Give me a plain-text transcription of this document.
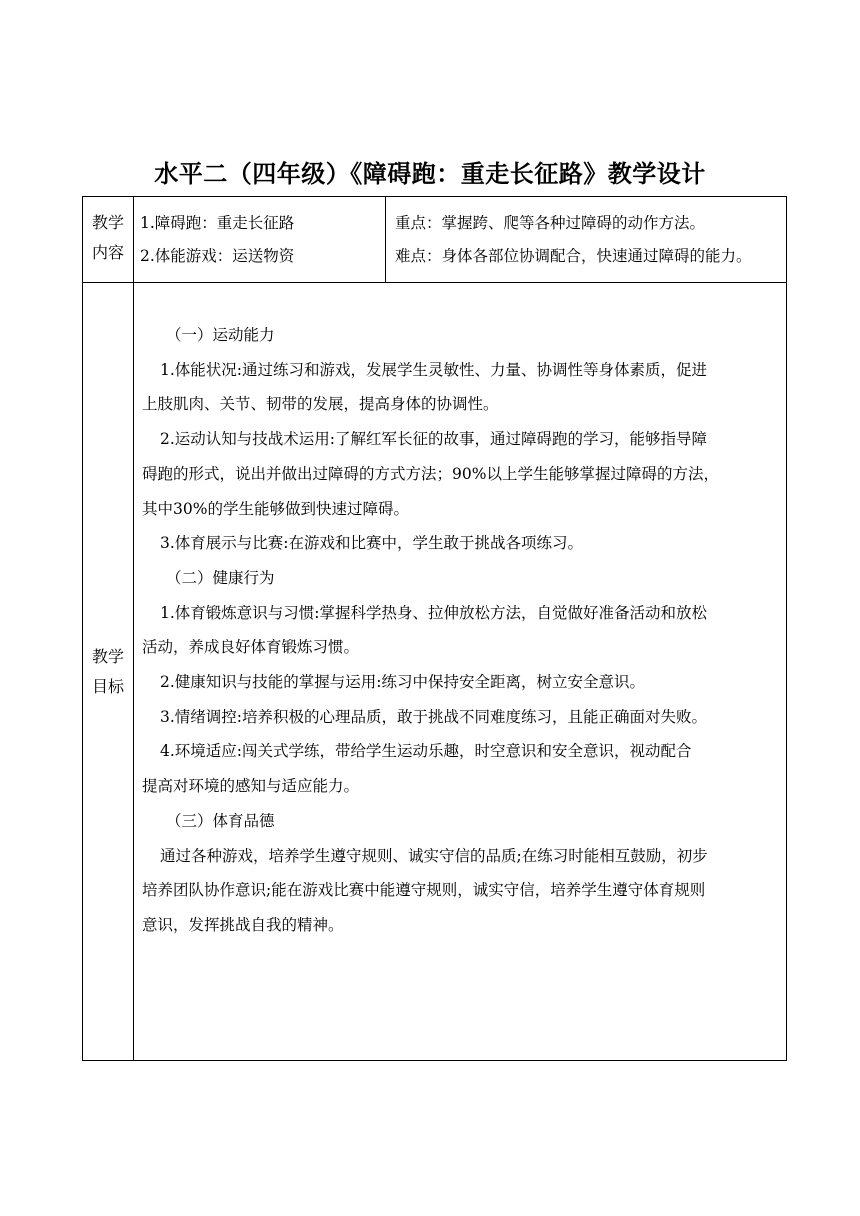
水平二（四年级）《障碍跑：重走长征路》教学设计
教学
内容
1.障碍跑：重走长征路
2.体能游戏：运送物资
重点：掌握跨、爬等各种过障碍的动作方法。
难点：身体各部位协调配合，快速通过障碍的能力。
教学
目标
（一）运动能力
1.体能状况:通过练习和游戏，发展学生灵敏性、力量、协调性等身体素质，促进
上肢肌肉、关节、韧带的发展，提高身体的协调性。
2.运动认知与技战术运用:了解红军长征的故事，通过障碍跑的学习，能够指导障
碍跑的形式，说出并做出过障碍的方式方法；90%以上学生能够掌握过障碍的方法，
其中30%的学生能够做到快速过障碍。
3.体育展示与比赛:在游戏和比赛中，学生敢于挑战各项练习。
（二）健康行为
1.体育锻炼意识与习惯:掌握科学热身、拉伸放松方法，自觉做好准备活动和放松
活动，养成良好体育锻炼习惯。
2.健康知识与技能的掌握与运用:练习中保持安全距离，树立安全意识。
3.情绪调控:培养积极的心理品质，敢于挑战不同难度练习，且能正确面对失败。
4.环境适应:闯关式学练，带给学生运动乐趣，时空意识和安全意识，视动配合
提高对环境的感知与适应能力。
（三）体育品德
通过各种游戏，培养学生遵守规则、诚实守信的品质;在练习时能相互鼓励，初步
培养团队协作意识;能在游戏比赛中能遵守规则，诚实守信，培养学生遵守体育规则
意识，发挥挑战自我的精神。
